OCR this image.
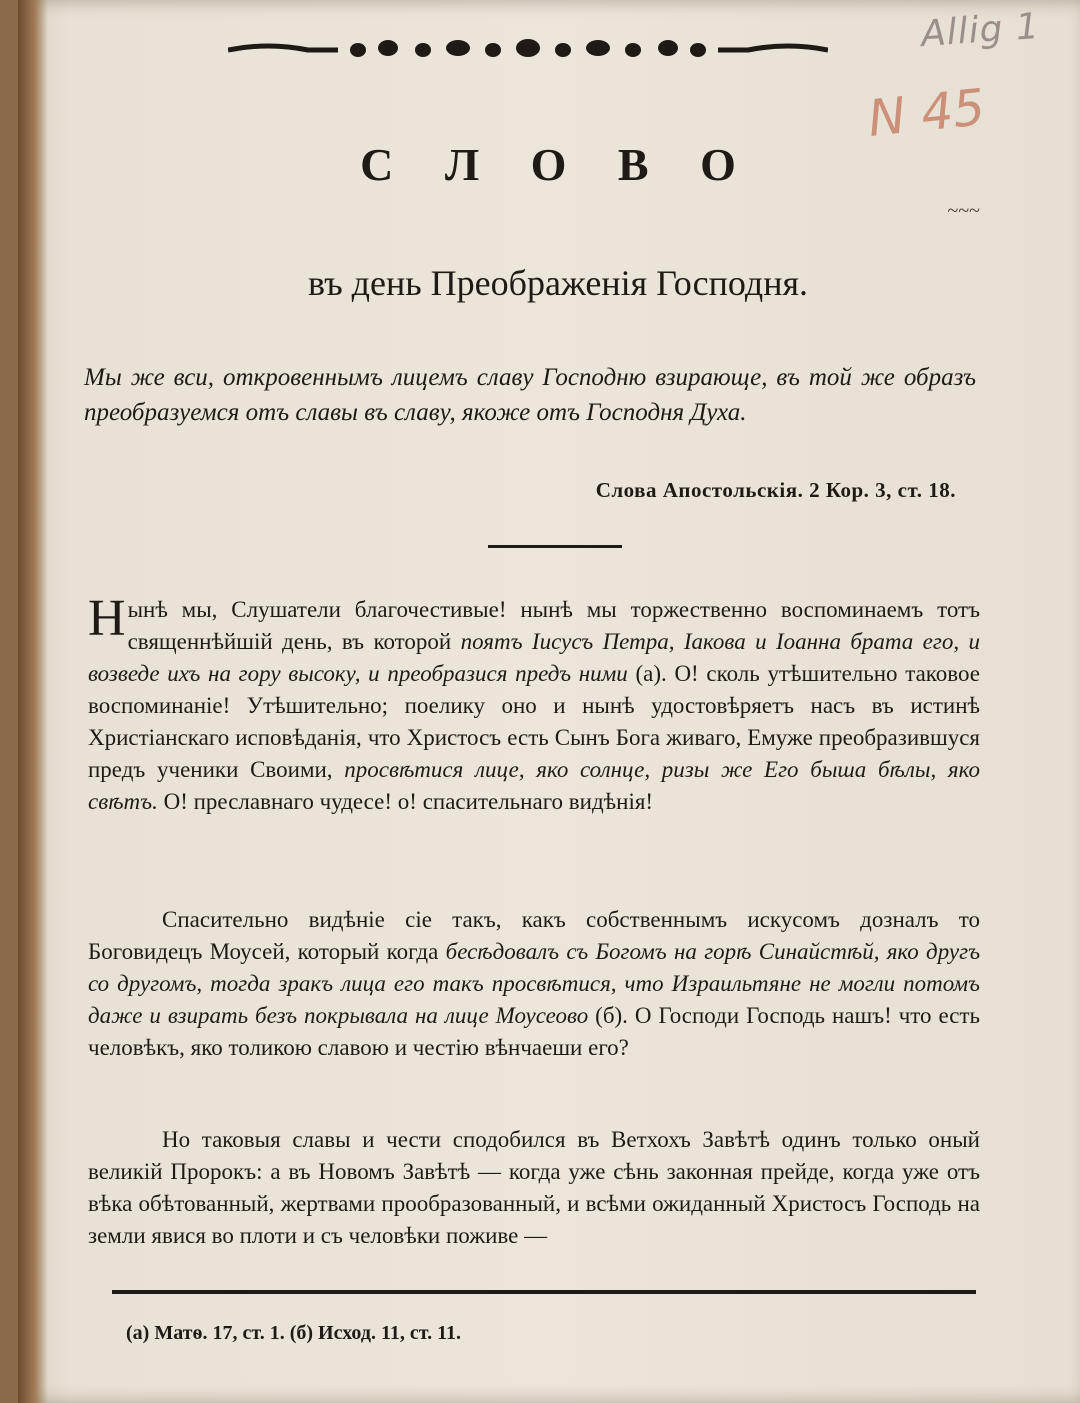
Allig 1
N 45
~~~
С Л О В О
въ день Преображенія Господня.
Мы же вси, откровеннымъ лицемъ славу Господню взирающе, въ той же образъ преобразуемся отъ славы въ славу, якоже отъ Господня Духа.
Слова Апостольскія. 2 Кор. 3, ст. 18.
Нынѣ мы, Слушатели благочестивые! нынѣ мы торжественно воспоминаемъ тотъ священнѣйшій день, въ которой поятъ Іисусъ Петра, Іакова и Іоанна брата его, и возведе ихъ на гору высоку, и преобразися предъ ними (а). О! сколь утѣшительно таковое воспоминаніе! Утѣшительно; поелику оно и нынѣ удостовѣряетъ насъ въ истинѣ Христіанскаго исповѣданія, что Христосъ есть Сынъ Бога живаго, Емуже преобразившуся предъ ученики Своими, просвѣтися лице, яко солнце, ризы же Его быша бѣлы, яко свѣтъ. О! преславнаго чудесе! о! спасительнаго видѣнія!
Спасительно видѣніе сіе такъ, какъ собственнымъ искусомъ дозналъ то Боговидецъ Моусей, который когда бесѣдовалъ съ Богомъ на горѣ Синайстѣй, яко другъ со другомъ, тогда зракъ лица его такъ просвѣтися, что Израильтяне не могли потомъ даже и взирать безъ покрывала на лице Моусеово (б). О Господи Господь нашъ! что есть человѣкъ, яко толикою славою и честію вѣнчаеши его?
Но таковыя славы и чести сподобился въ Ветхохъ Завѣтѣ одинъ только оный великій Пророкъ: а въ Новомъ Завѣтѣ — когда уже сѣнь законная прейде, когда уже отъ вѣка обѣтованный, жертвами прообразованный, и всѣми ожиданный Христосъ Господь на земли явися во плоти и съ человѣки поживе —
(а) Матѳ. 17, ст. 1. (б) Исход. 11, ст. 11.
